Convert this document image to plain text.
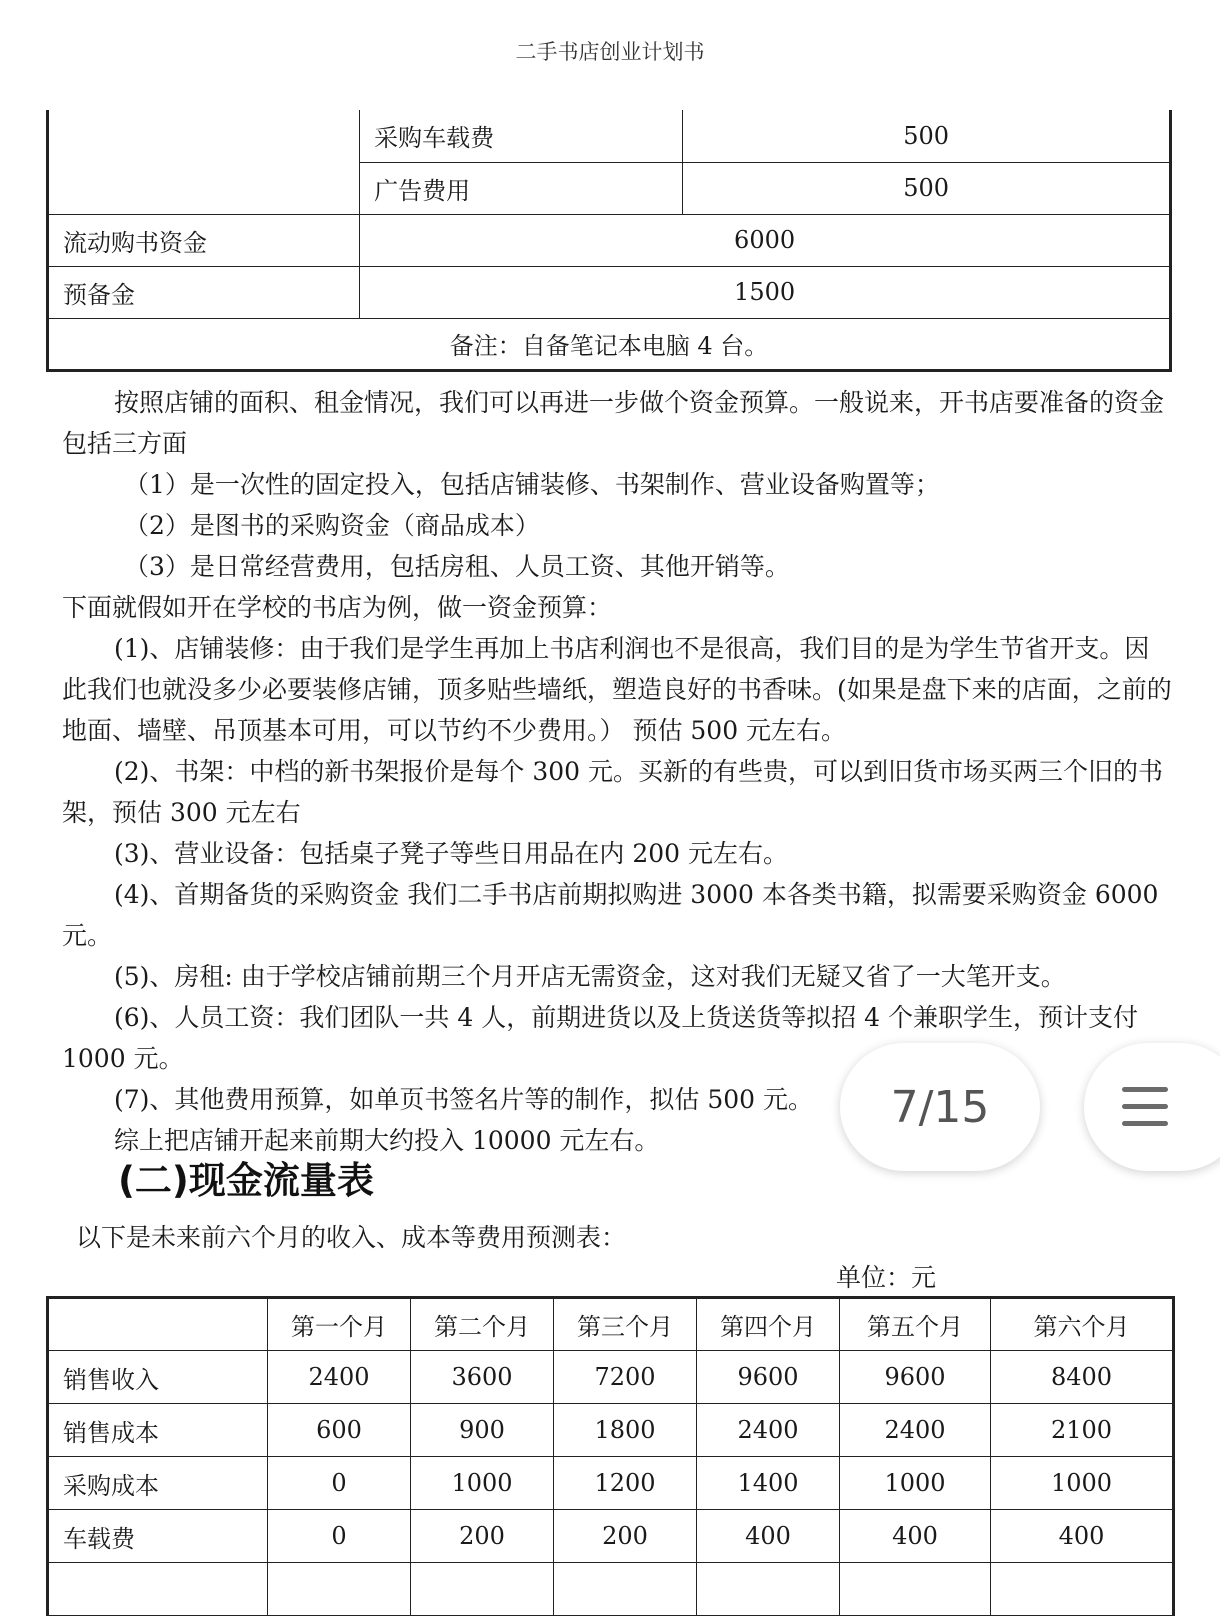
二手书店创业计划书
	采购车载费	500
	广告费用	500
流动购书资金	6000	
预备金	1500	
备注：自备笔记本电脑 4 台。		

按照店铺的面积、租金情况，我们可以再进一步做个资金预算。一般说来，开书店要准备的资金包括三方面

（1）是一次性的固定投入，包括店铺装修、书架制作、营业设备购置等；

（2）是图书的采购资金（商品成本）

（3）是日常经营费用，包括房租、人员工资、其他开销等。

下面就假如开在学校的书店为例，做一资金预算：

(1)、店铺装修：由于我们是学生再加上书店利润也不是很高，我们目的是为学生节省开支。因此我们也就没多少必要装修店铺，顶多贴些墙纸，塑造良好的书香味。(如果是盘下来的店面，之前的地面、墙壁、吊顶基本可用，可以节约不少费用。） 预估 500 元左右。

(2)、书架：中档的新书架报价是每个 300 元。买新的有些贵，可以到旧货市场买两三个旧的书架，预估 300 元左右

(3)、营业设备：包括桌子凳子等些日用品在内 200 元左右。

(4)、首期备货的采购资金 我们二手书店前期拟购进 3000 本各类书籍，拟需要采购资金 6000 元。

(5)、房租: 由于学校店铺前期三个月开店无需资金，这对我们无疑又省了一大笔开支。

(6)、人员工资：我们团队一共 4 人，前期进货以及上货送货等拟招 4 个兼职学生，预计支付 1000 元。

(7)、其他费用预算，如单页书签名片等的制作，拟估 500 元。

综上把店铺开起来前期大约投入 10000 元左右。

(二)现金流量表
以下是未来前六个月的收入、成本等费用预测表：
单位：元
	第一个月	第二个月	第三个月	第四个月	第五个月	第六个月
销售收入	2400	3600	7200	9600	9600	8400
销售成本	600	900	1800	2400	2400	2100
采购成本	0	1000	1200	1400	1000	1000
车载费	0	200	200	400	400	400

7/15
